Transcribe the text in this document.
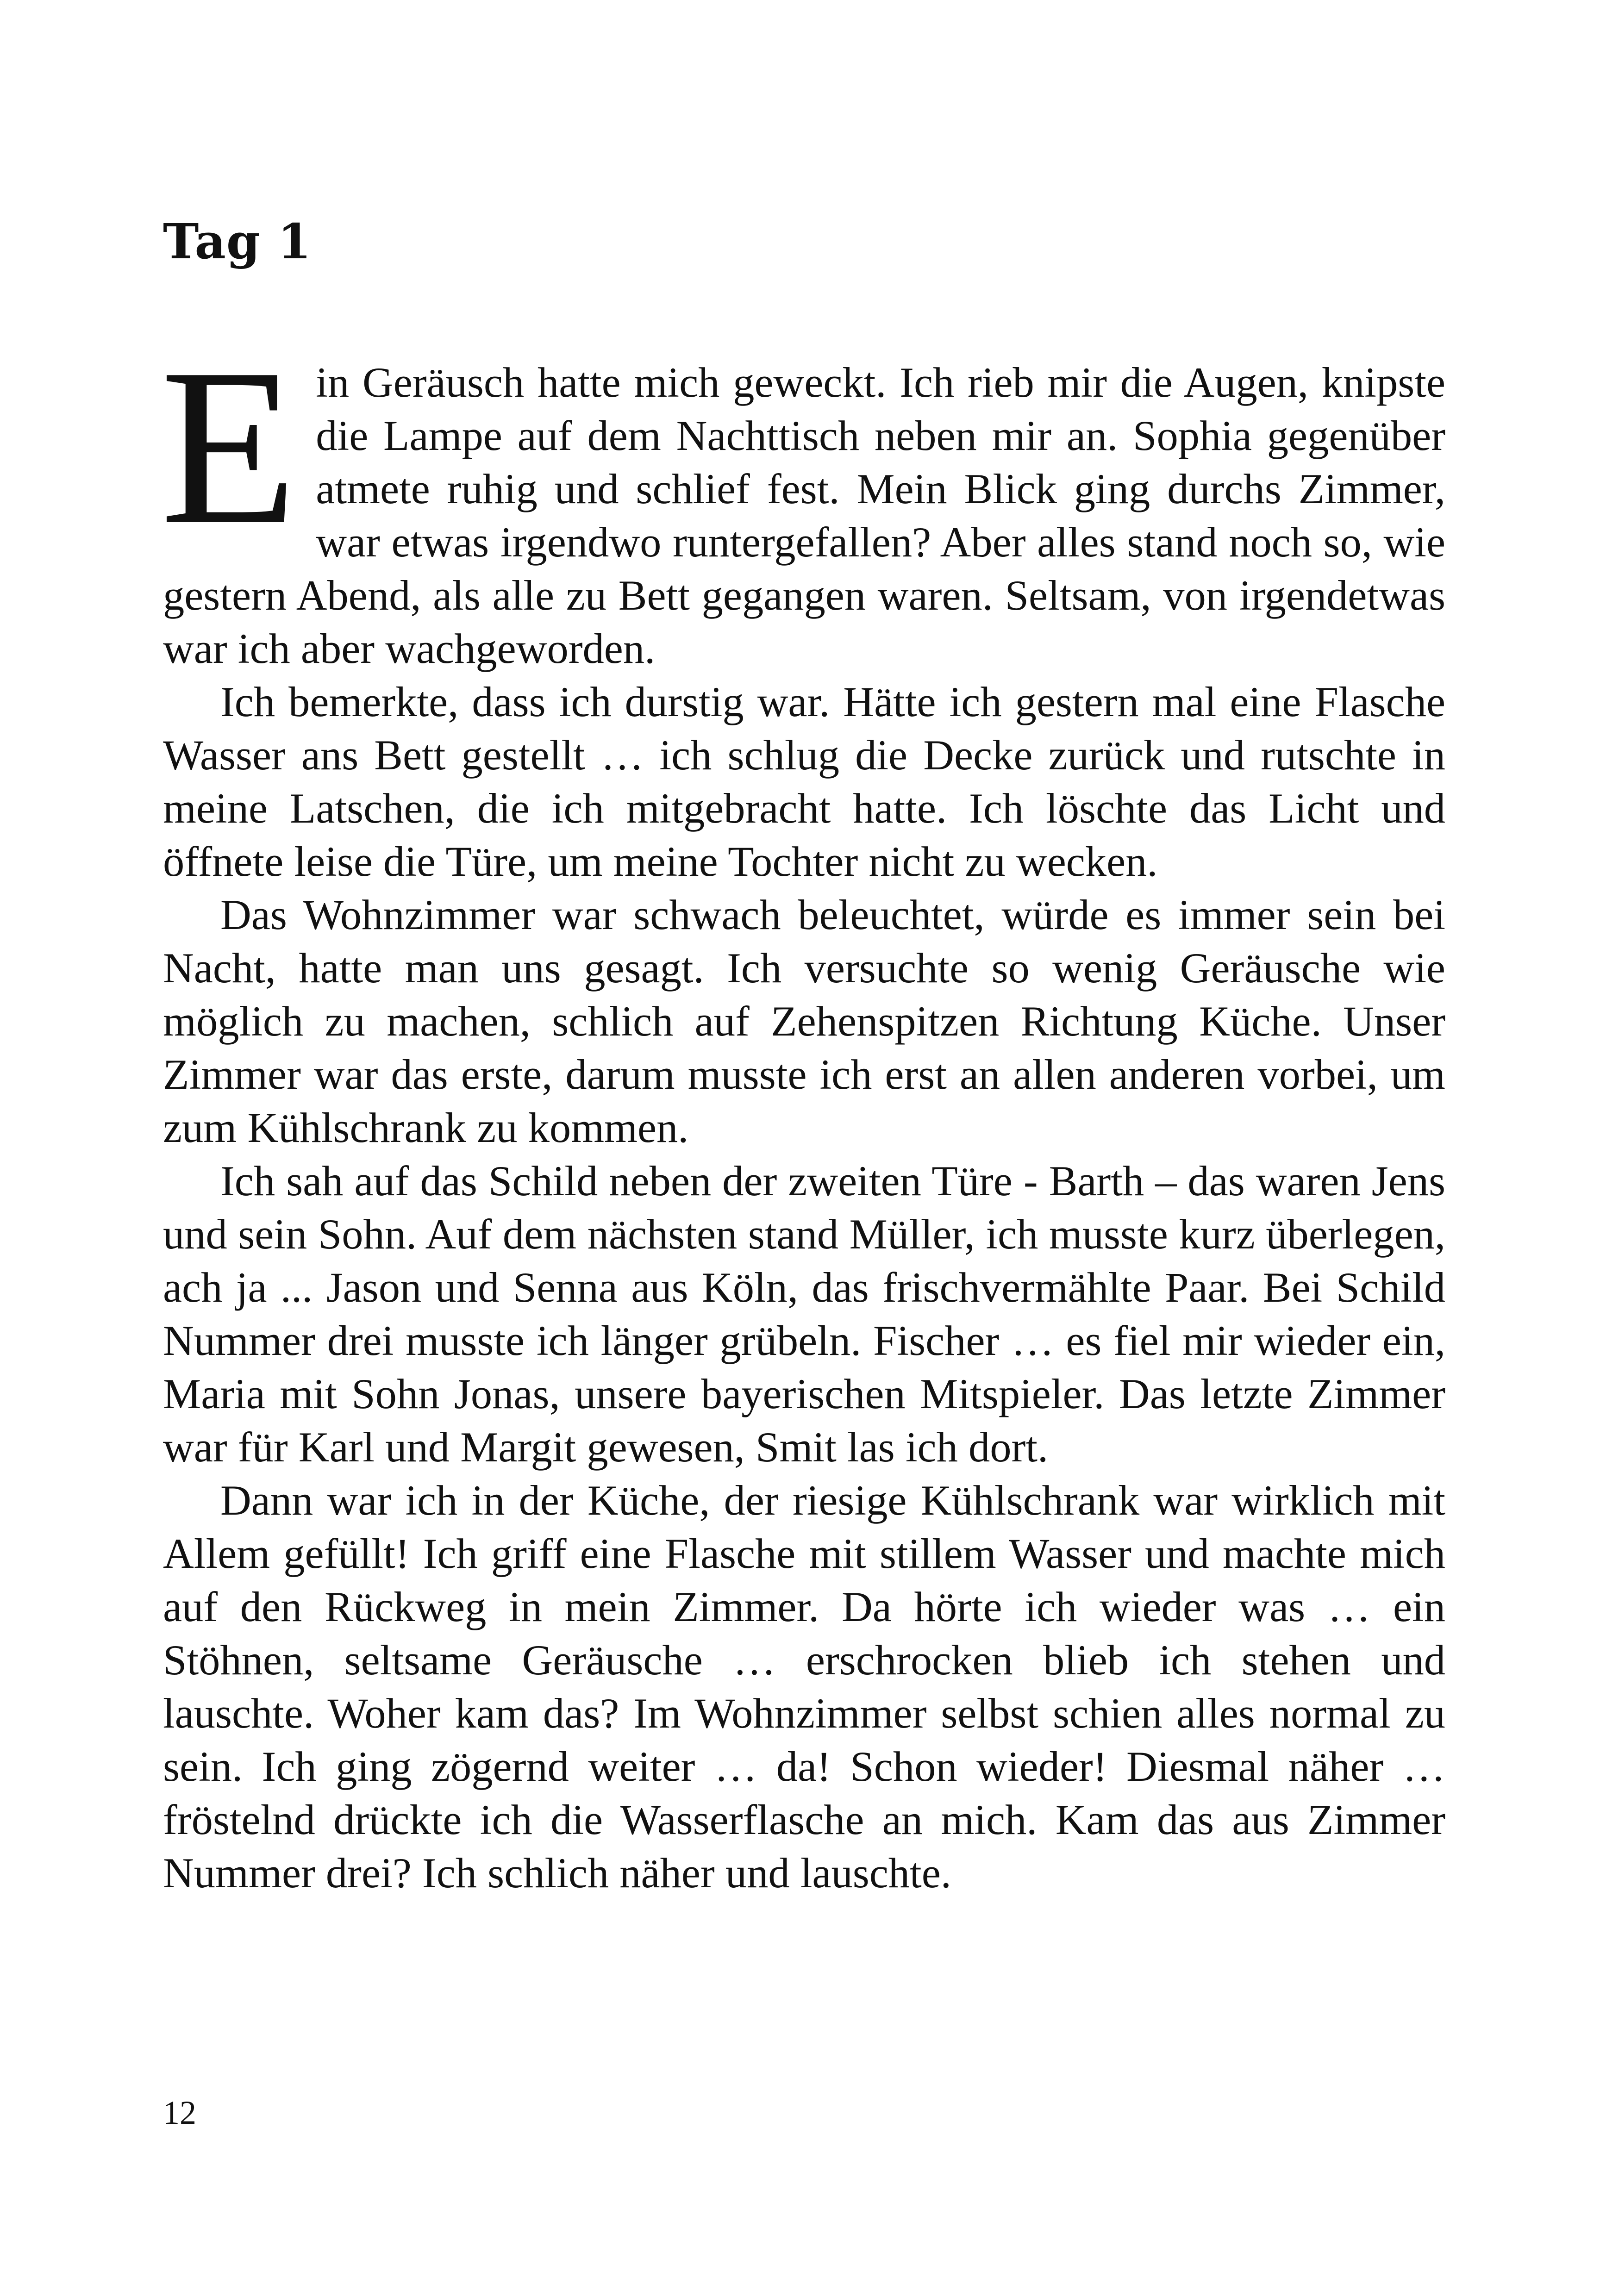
Tag 1

Ein Geräusch hatte mich geweckt. Ich rieb mir die Augen, knipste die Lampe auf dem Nachttisch neben mir an. Sophia gegenüber atmete ruhig und schlief fest. Mein Blick ging durchs Zimmer, war etwas irgendwo runtergefallen? Aber alles stand noch so, wie gestern Abend, als alle zu Bett gegangen waren. Seltsam, von irgendetwas war ich aber wachgeworden.

Ich bemerkte, dass ich durstig war. Hätte ich gestern mal eine Flasche Wasser ans Bett gestellt … ich schlug die Decke zurück und rutschte in meine Latschen, die ich mitgebracht hatte. Ich löschte das Licht und öffnete leise die Türe, um meine Tochter nicht zu wecken.

Das Wohnzimmer war schwach beleuchtet, würde es immer sein bei Nacht, hatte man uns gesagt. Ich versuchte so wenig Geräusche wie möglich zu machen, schlich auf Zehenspitzen Richtung Küche. Unser Zimmer war das erste, darum musste ich erst an allen anderen vorbei, um zum Kühlschrank zu kommen.

Ich sah auf das Schild neben der zweiten Türe - Barth – das waren Jens und sein Sohn. Auf dem nächsten stand Müller, ich musste kurz überlegen, ach ja ... Jason und Senna aus Köln, das frischvermählte Paar. Bei Schild Nummer drei musste ich länger grübeln. Fischer … es fiel mir wieder ein, Maria mit Sohn Jonas, unsere bayerischen Mitspieler. Das letzte Zimmer war für Karl und Margit gewesen, Smit las ich dort.

Dann war ich in der Küche, der riesige Kühlschrank war wirklich mit Allem gefüllt! Ich griff eine Flasche mit stillem Wasser und machte mich auf den Rückweg in mein Zimmer. Da hörte ich wieder was … ein Stöhnen, seltsame Geräusche … erschrocken blieb ich stehen und lauschte. Woher kam das? Im Wohnzimmer selbst schien alles normal zu sein. Ich ging zögernd weiter … da! Schon wieder! Diesmal näher … fröstelnd drückte ich die Wasserflasche an mich. Kam das aus Zimmer Nummer drei? Ich schlich näher und lauschte.

12
